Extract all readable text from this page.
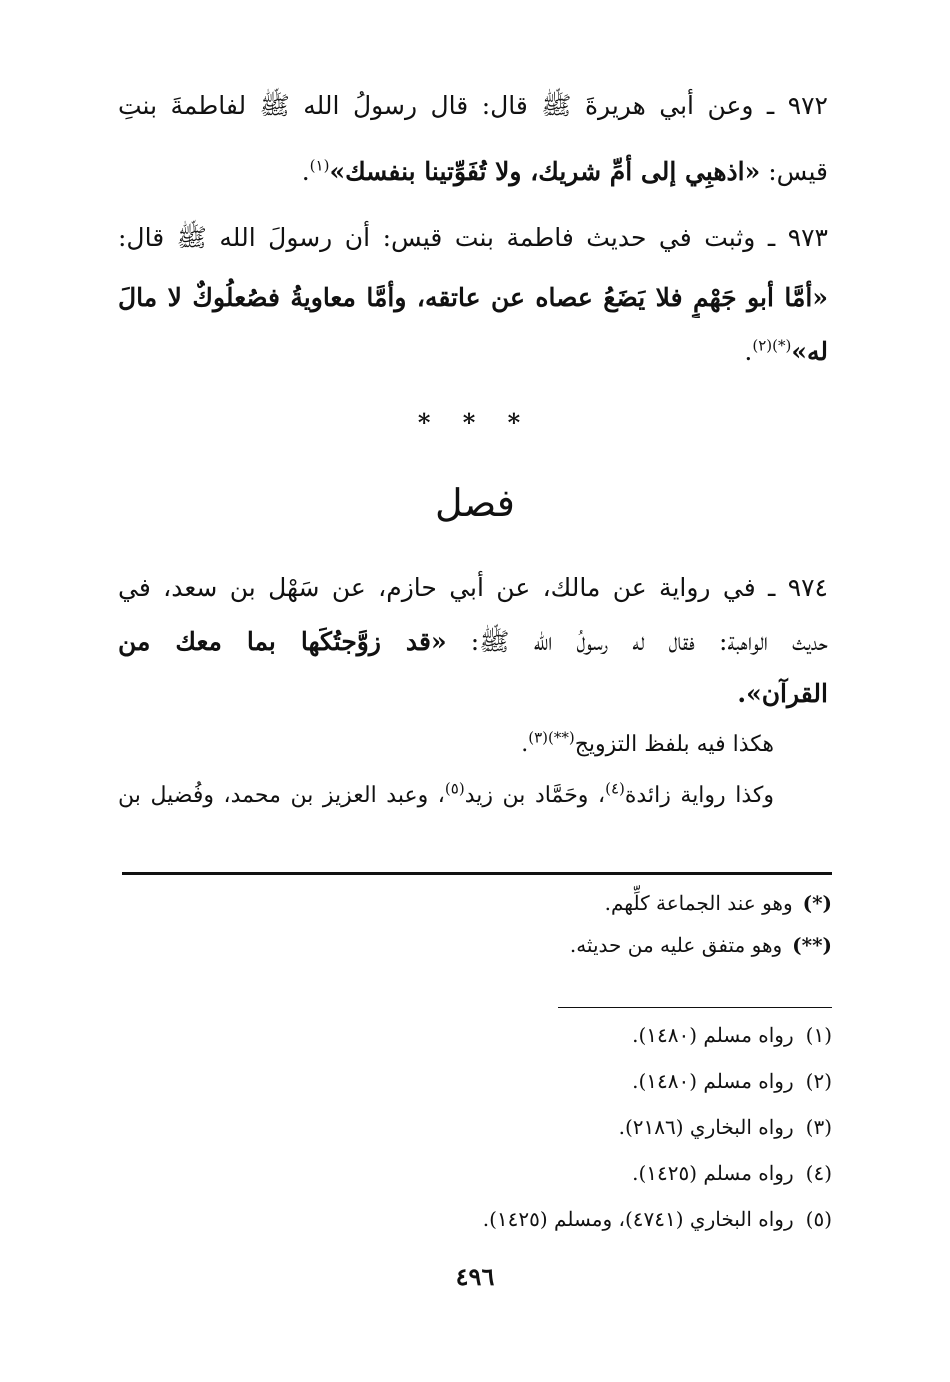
٩٧٢ ـ وعن أبي هريرةَ ﷺ قال: قال رسولُ الله ﷺ لفاطمةَ بنتِ
قيس: «اذهبِي إلى أمِّ شريك، ولا تُفَوِّتينا بنفسك»$^{(١)}$.
٩٧٣ ـ وثبت في حديث فاطمة بنت قيس: أن رسولَ الله ﷺ قال:
«أمَّا أبو جَهْمٍ فلا يَضَعُ عصاه عن عاتقه، وأمَّا معاويةُ فصُعلُوكٌ لا مالَ
له»$^{(*)(٢)}$.
* * *
فصل
٩٧٤ ـ في رواية عن مالك، عن أبي حازم، عن سَهْل بن سعد، في
حديث الواهبة: فقال له رسولُ الله ﷺ: «قد زوَّجتُكَها بما معك من
القرآن».
هكذا فيه بلفظ التزويج$^{(**)(٣)}$.
وكذا رواية زائدة$^{(٤)}$، وحَمَّاد بن زيد$^{(٥)}$، وعبد العزيز بن محمد، وفُضيل بن
(*)وهو عند الجماعة كلِّهم.
(**)وهو متفق عليه من حديثه.
(١)رواه مسلم (١٤٨٠).
(٢)رواه مسلم (١٤٨٠).
(٣)رواه البخاري (٢١٨٦).
(٤)رواه مسلم (١٤٢٥).
(٥)رواه البخاري (٤٧٤١)، ومسلم (١٤٢٥).
٤٩٦
